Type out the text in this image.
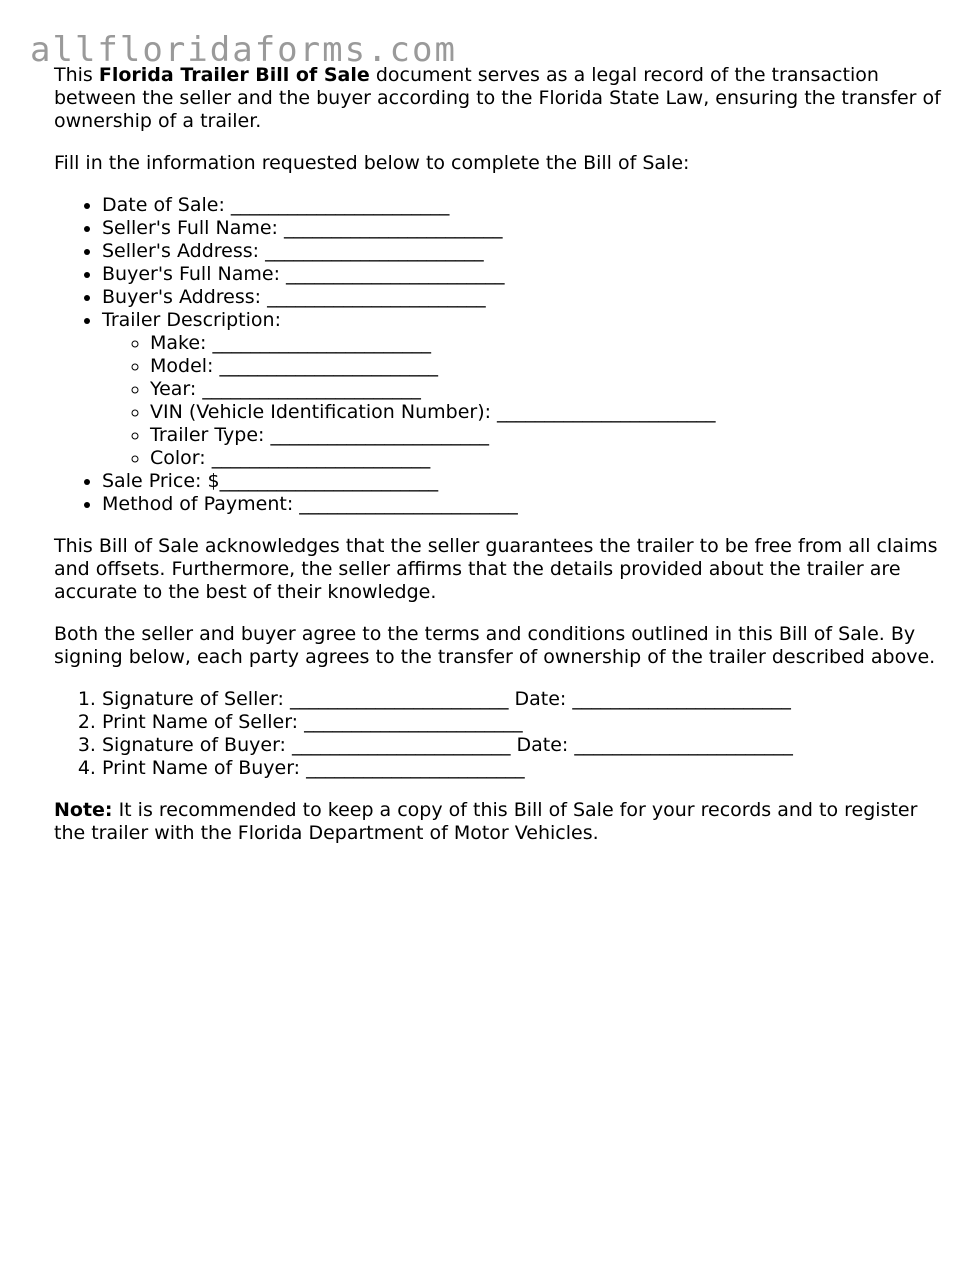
allfloridaforms.com

This Florida Trailer Bill of Sale document serves as a legal record of the transaction between the seller and the buyer according to the Florida State Law, ensuring the transfer of ownership of a trailer.

Fill in the information requested below to complete the Bill of Sale:

• Date of Sale: _______________________
• Seller's Full Name: _______________________
• Seller's Address: _______________________
• Buyer's Full Name: _______________________
• Buyer's Address: _______________________
• Trailer Description:
◦ Make: _______________________
◦ Model: _______________________
◦ Year: _______________________
◦ VIN (Vehicle Identification Number): _______________________
◦ Trailer Type: _______________________
◦ Color: _______________________
• Sale Price: $_______________________
• Method of Payment: _______________________

This Bill of Sale acknowledges that the seller guarantees the trailer to be free from all claims and offsets. Furthermore, the seller affirms that the details provided about the trailer are accurate to the best of their knowledge.

Both the seller and buyer agree to the terms and conditions outlined in this Bill of Sale. By signing below, each party agrees to the transfer of ownership of the trailer described above.

1. Signature of Seller: _______________________ Date: _______________________
2. Print Name of Seller: _______________________
3. Signature of Buyer: _______________________ Date: _______________________
4. Print Name of Buyer: _______________________

Note: It is recommended to keep a copy of this Bill of Sale for your records and to register the trailer with the Florida Department of Motor Vehicles.
